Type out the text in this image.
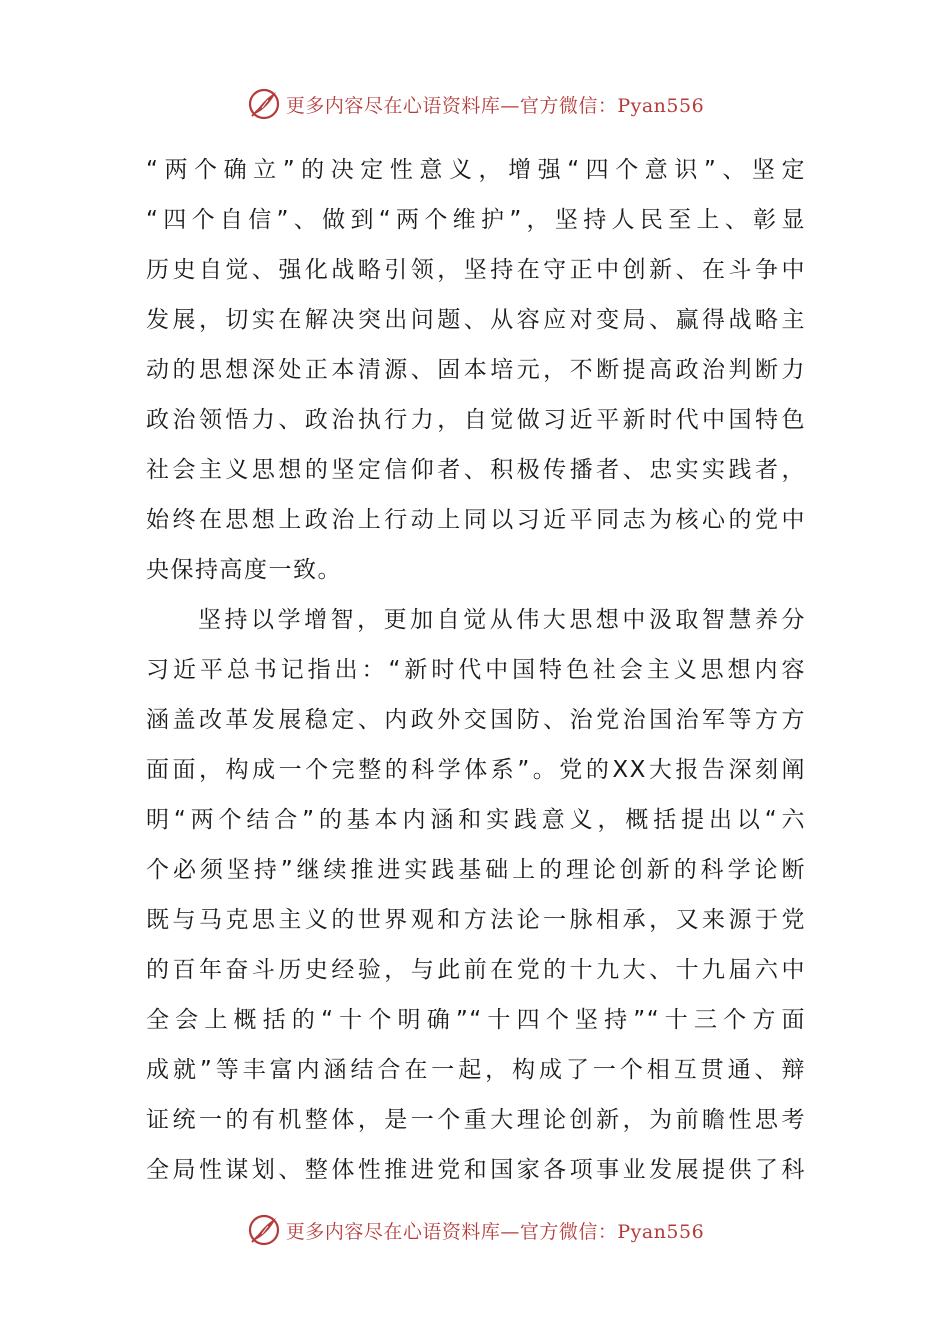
更多内容尽在心语资料库—官方微信：Pyan556
“两个确立”的决定性意义，增强“四个意识”、坚定
“四个自信”、做到“两个维护”，坚持人民至上、彰显
历史自觉、强化战略引领，坚持在守正中创新、在斗争中
发展，切实在解决突出问题、从容应对变局、赢得战略主
动的思想深处正本清源、固本培元，不断提高政治判断力
政治领悟力、政治执行力，自觉做习近平新时代中国特色
社会主义思想的坚定信仰者、积极传播者、忠实实践者，
始终在思想上政治上行动上同以习近平同志为核心的党中
央保持高度一致。
坚持以学增智，更加自觉从伟大思想中汲取智慧养分
习近平总书记指出：“新时代中国特色社会主义思想内容
涵盖改革发展稳定、内政外交国防、治党治国治军等方方
面面，构成一个完整的科学体系”。党的XX大报告深刻阐
明“两个结合”的基本内涵和实践意义，概括提出以“六
个必须坚持”继续推进实践基础上的理论创新的科学论断
既与马克思主义的世界观和方法论一脉相承，又来源于党
的百年奋斗历史经验，与此前在党的十九大、十九届六中
全会上概括的“十个明确”“十四个坚持”“十三个方面
成就”等丰富内涵结合在一起，构成了一个相互贯通、辩
证统一的有机整体，是一个重大理论创新，为前瞻性思考
全局性谋划、整体性推进党和国家各项事业发展提供了科
更多内容尽在心语资料库—官方微信：Pyan556
